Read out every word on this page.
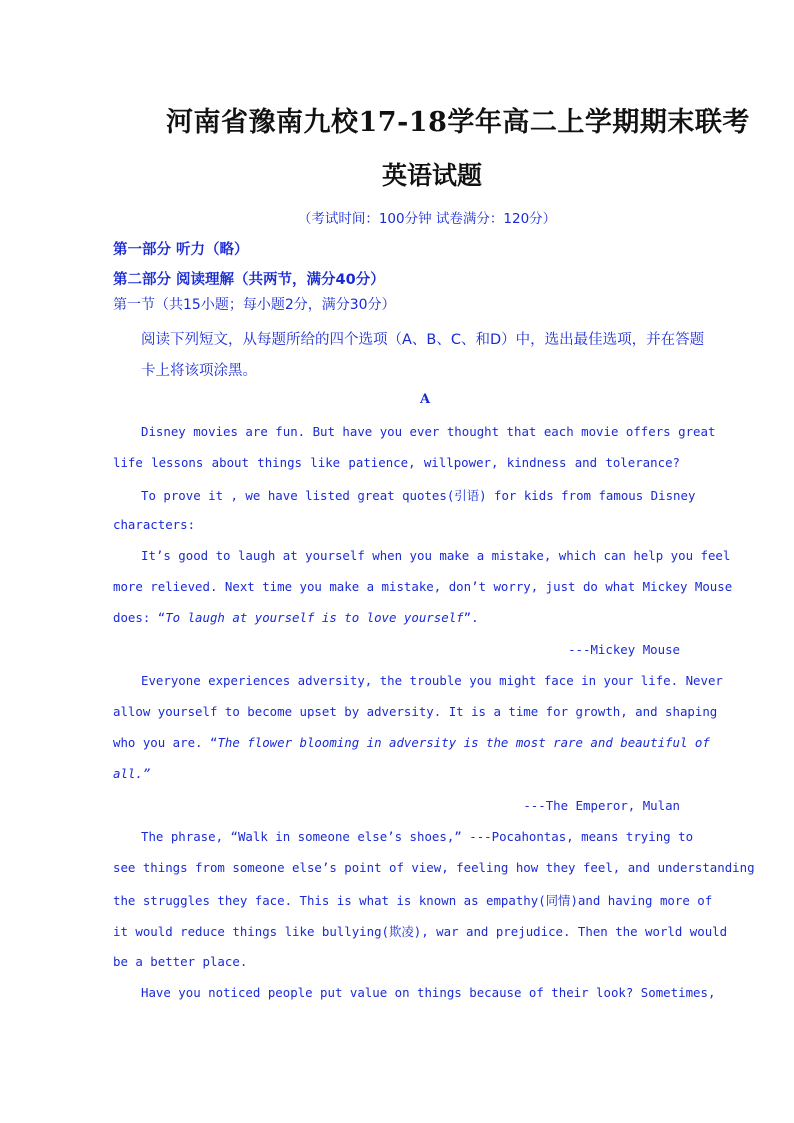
河南省豫南九校17-18学年高二上学期期末联考
英语试题
（考试时间：100分钟 试卷满分：120分）
第一部分 听力（略）
第二部分 阅读理解（共两节，满分40分）
第一节（共15小题；每小题2分，满分30分）
阅读下列短文，从每题所给的四个选项（A、B、C、和D）中，选出最佳选项，并在答题
卡上将该项涂黑。
A
Disney movies are fun. But have you ever thought that each movie offers great
life lessons about things like patience, willpower, kindness and tolerance?
To prove it , we have listed great quotes(引语) for kids from famous Disney
characters:
It’s good to laugh at yourself when you make a mistake, which can help you feel
more relieved. Next time you make a mistake, don’t worry, just do what Mickey Mouse
does: “To laugh at yourself is to love yourself”.
---Mickey Mouse
Everyone experiences adversity, the trouble you might face in your life. Never
allow yourself to become upset by adversity. It is a time for growth, and shaping
who you are. “The flower blooming in adversity is the most rare and beautiful of
all.”
---The Emperor, Mulan
The phrase, “Walk in someone else’s shoes,” ---Pocahontas, means trying to
see things from someone else’s point of view, feeling how they feel, and understanding
the struggles they face. This is what is known as empathy(同情)and having more of
it would reduce things like bullying(欺凌), war and prejudice. Then the world would
be a better place.
Have you noticed people put value on things because of their look? Sometimes,
